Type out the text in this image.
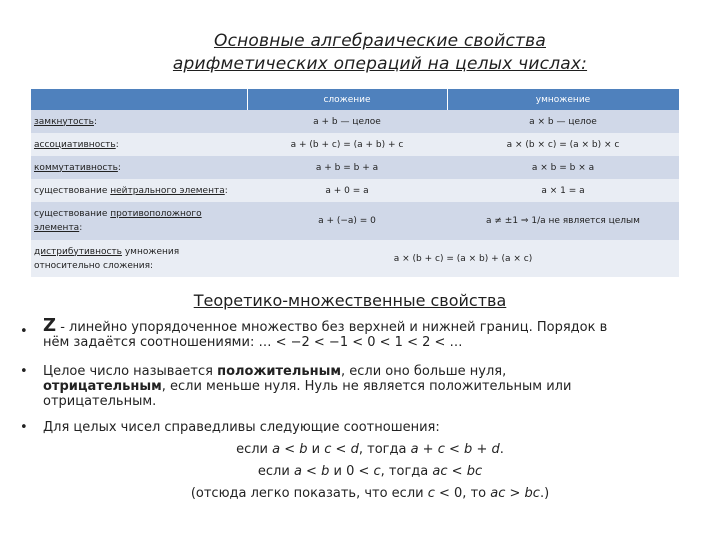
Основные алгебраические свойства
арифметических операций на целых числах:
	сложение	умножение
замкнутость:	a + b — целое	a × b — целое
ассоциативность:	a + (b + c) = (a + b) + c	a × (b × c) = (a × b) × c
коммутативность:	a + b = b + a	a × b = b × a
существование нейтрального элемента:	a + 0 = a	a × 1 = a
существование противоположного элемента:	a + (−a) = 0	a ≠ ±1 ⇒ 1/a не является целым
дистрибутивность умножения относительно сложения:	a × (b + c) = (a × b) + (a × c)	
Теоретико-множественные свойства
• Z - линейно упорядоченное множество без верхней и нижней границ. Порядок в
нём задаётся соотношениями: … < −2 < −1 < 0 < 1 < 2 < …
• Целое число называется положительным, если оно больше нуля,
отрицательным, если меньше нуля. Нуль не является положительным или
отрицательным.
• Для целых чисел справедливы следующие соотношения:
если a < b и c < d, тогда a + c < b + d.
если a < b и 0 < c, тогда ac < bc
(отсюда легко показать, что если c < 0, то ac > bc.)
